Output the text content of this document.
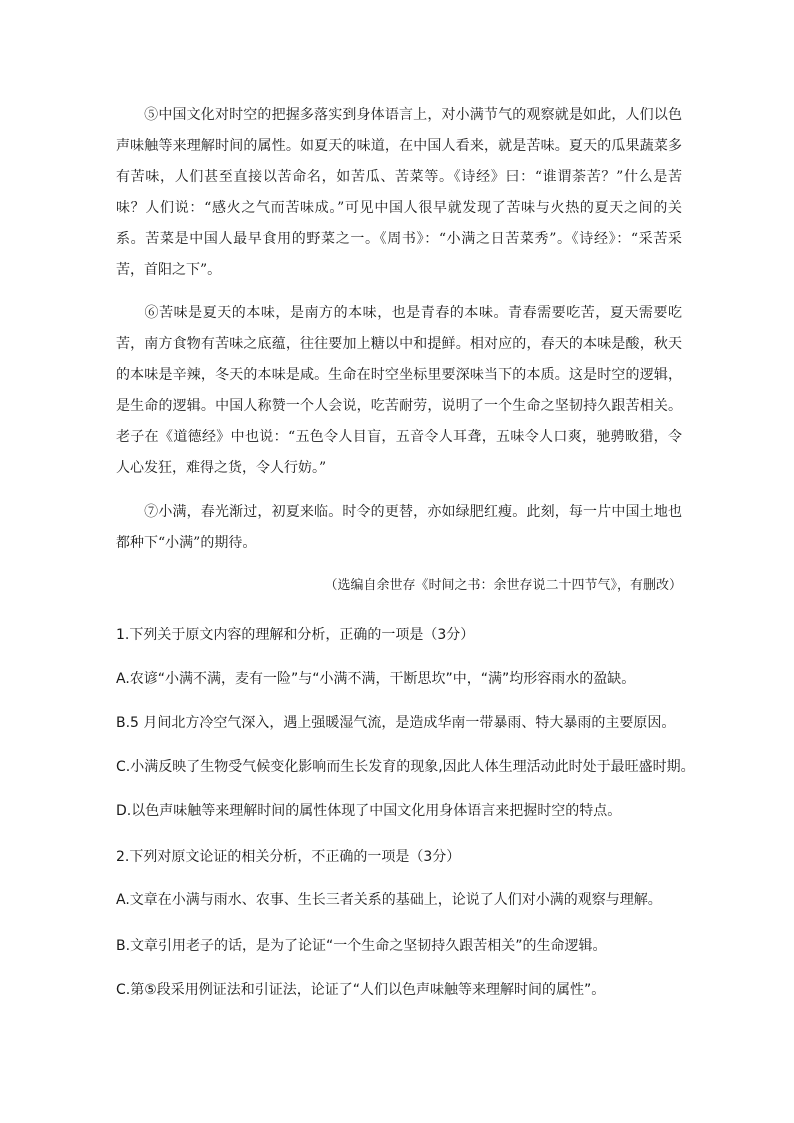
⑤中国文化对时空的把握多落实到身体语言上，对小满节气的观察就是如此，人们以色声味触等来理解时间的属性。如夏天的味道，在中国人看来，就是苦味。夏天的瓜果蔬菜多有苦味，人们甚至直接以苦命名，如苦瓜、苦菜等。《诗经》曰：“谁谓荼苦？”什么是苦味？人们说：“感火之气而苦味成。”可见中国人很早就发现了苦味与火热的夏天之间的关系。苦菜是中国人最早食用的野菜之一。《周书》：“小满之日苦菜秀”。《诗经》：“采苦采苦，首阳之下”。

⑥苦味是夏天的本味，是南方的本味，也是青春的本味。青春需要吃苦，夏天需要吃苦，南方食物有苦味之底蕴，往往要加上糖以中和提鲜。相对应的，春天的本味是酸，秋天的本味是辛辣，冬天的本味是咸。生命在时空坐标里要深味当下的本质。这是时空的逻辑，是生命的逻辑。中国人称赞一个人会说，吃苦耐劳，说明了一个生命之坚韧持久跟苦相关。老子在《道德经》中也说：“五色令人目盲，五音令人耳聋，五味令人口爽，驰骋畋猎，令人心发狂，难得之货，令人行妨。”

⑦小满，春光渐过，初夏来临。时令的更替，亦如绿肥红瘦。此刻，每一片中国土地也都种下“小满”的期待。

（选编自余世存《时间之书：余世存说二十四节气》，有删改）

1.下列关于原文内容的理解和分析，正确的一项是（3分）

A.农谚“小满不满，麦有一险”与“小满不满，干断思坎”中，“满”均形容雨水的盈缺。

B.5 月间北方冷空气深入，遇上强暖湿气流，是造成华南一带暴雨、特大暴雨的主要原因。

C.小满反映了生物受气候变化影响而生长发育的现象,因此人体生理活动此时处于最旺盛时期。

D.以色声味触等来理解时间的属性体现了中国文化用身体语言来把握时空的特点。

2.下列对原文论证的相关分析，不正确的一项是（3分）

A.文章在小满与雨水、农事、生长三者关系的基础上，论说了人们对小满的观察与理解。

B.文章引用老子的话，是为了论证“一个生命之坚韧持久跟苦相关”的生命逻辑。

C.第⑤段采用例证法和引证法，论证了“人们以色声味触等来理解时间的属性”。
